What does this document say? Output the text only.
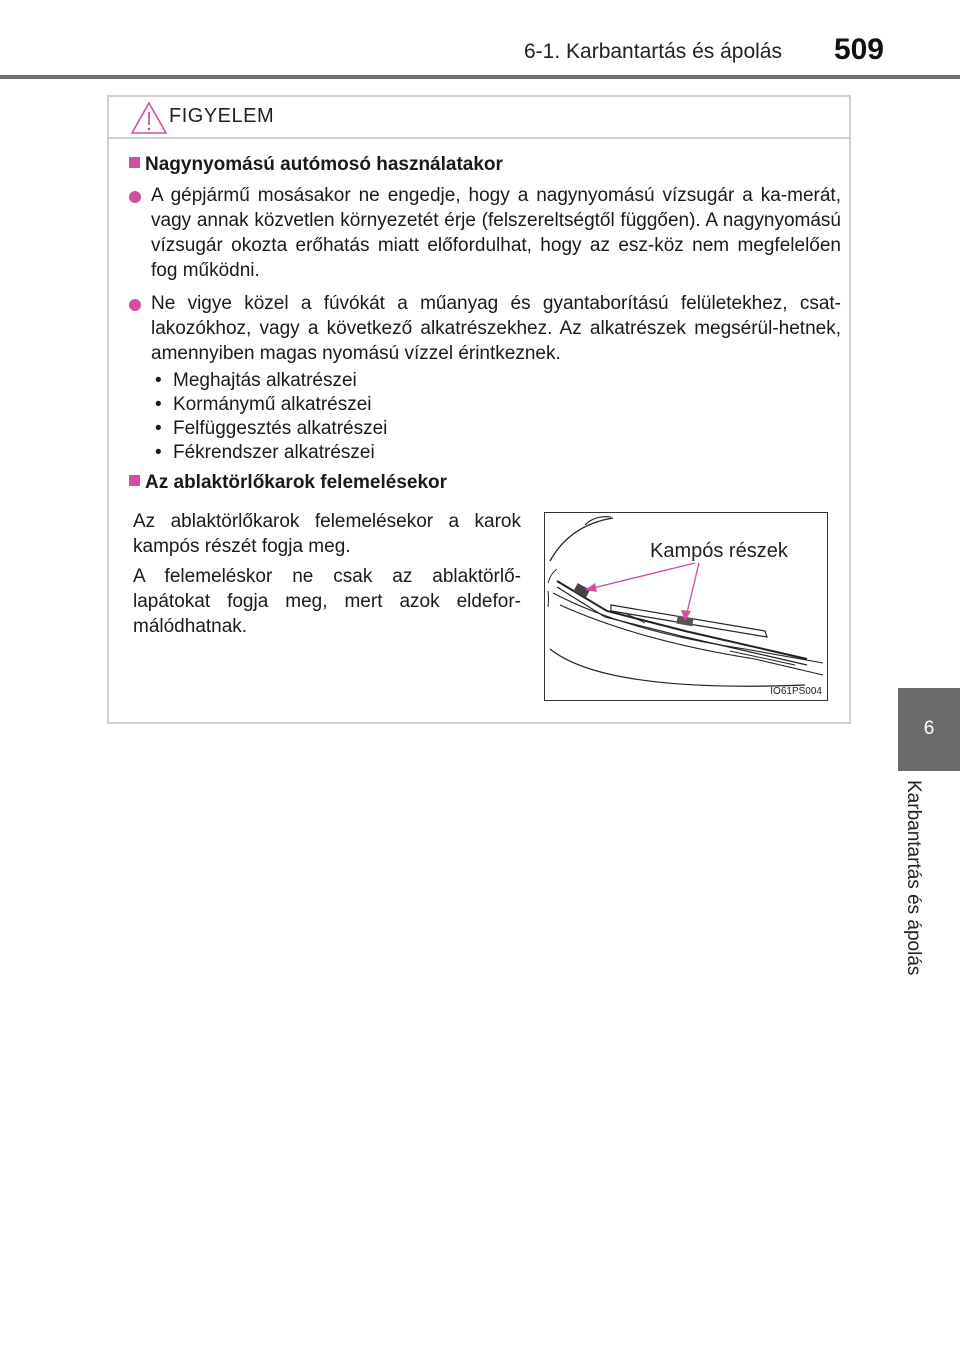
6-1. Karbantartás és ápolás 509
6
Karbantartás és ápolás
FIGYELEM
Nagynyomású autómosó használatakor
A gépjármű mosásakor ne engedje, hogy a nagynyomású vízsugár a ka-merát, vagy annak közvetlen környezetét érje (felszereltségtől függően). A nagynyomású vízsugár okozta erőhatás miatt előfordulhat, hogy az esz-köz nem megfelelően fog működni.
Ne vigye közel a fúvókát a műanyag és gyantaborítású felületekhez, csat-lakozókhoz, vagy a következő alkatrészekhez. Az alkatrészek megsérül-hetnek, amennyiben magas nyomású vízzel érintkeznek.
• Meghajtás alkatrészei
• Kormánymű alkatrészei
• Felfüggesztés alkatrészei
• Fékrendszer alkatrészei
Az ablaktörlőkarok felemelésekor
Az ablaktörlőkarok felemelésekor a karok kampós részét fogja meg.
A felemeléskor ne csak az ablaktörlő-lapátokat fogja meg, mert azok eldefor-málódhatnak.
Kampós részek
IO61PS004
